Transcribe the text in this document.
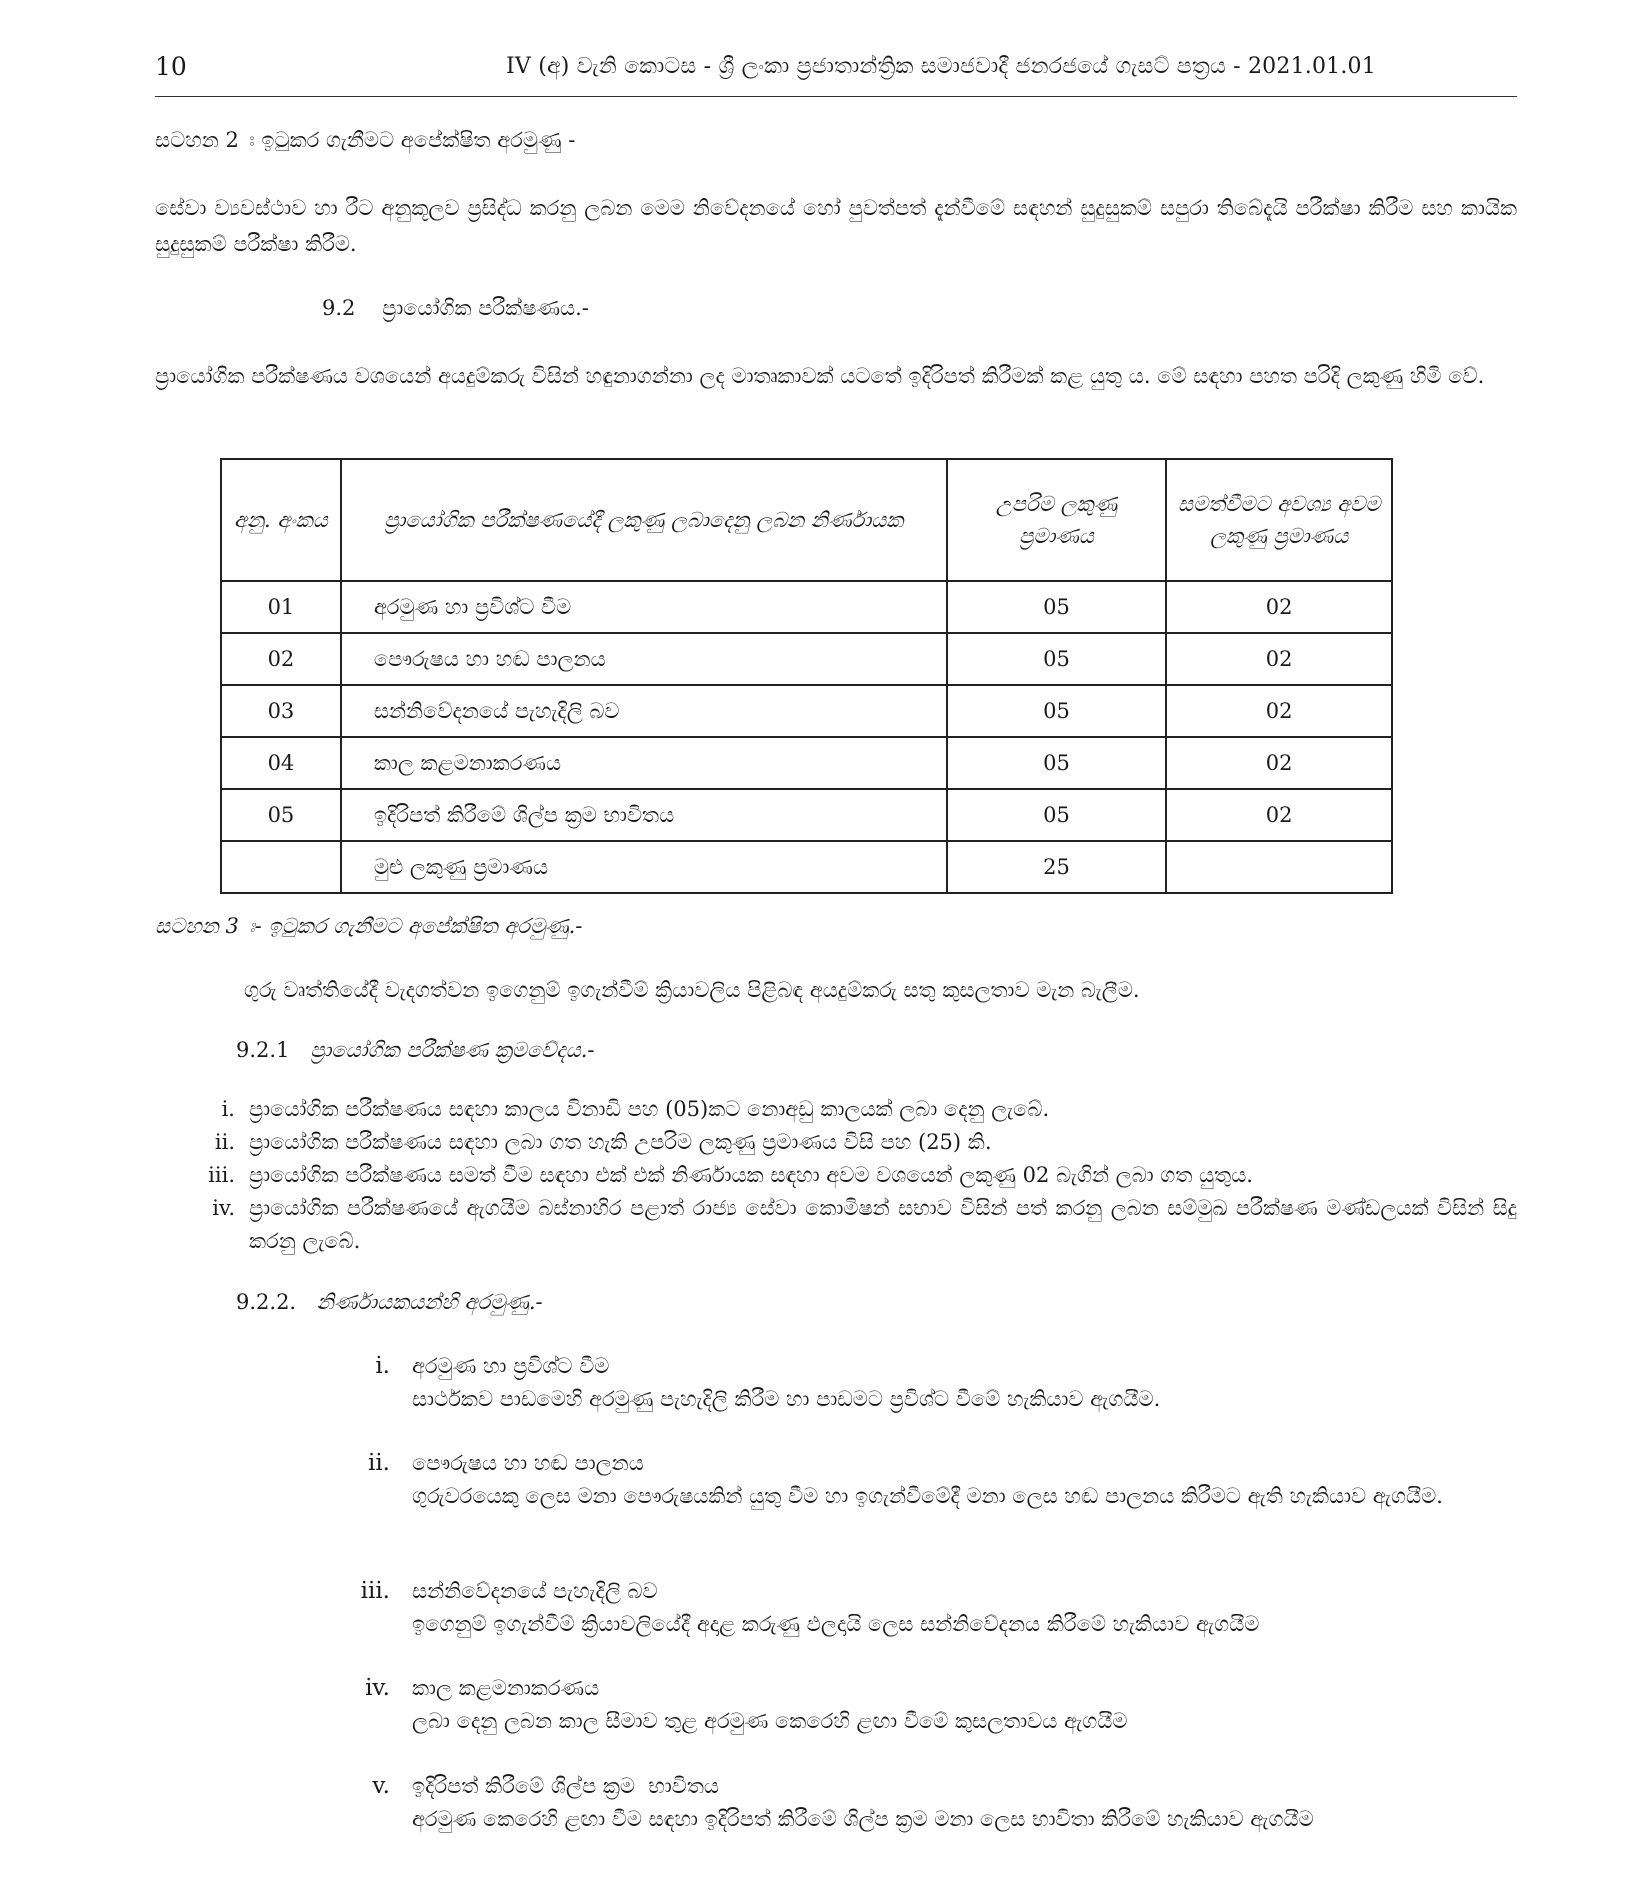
10	IV (අ) වැනි කොටස - ශ්‍රී ලංකා ප්‍රජාතාන්ත්‍රික සමාජවාදී ජනරජයේ ගැසට් පත්‍රය - 2021.01.01
සටහන 2 ඃ ඉටුකර ගැනීමට අපේක්ෂිත අරමුණු -
සේවා ව්‍යවස්ථාව හා රීට අනුකූලව ප්‍රසිද්ධ කරනු ලබන මෙම නිවේදනයේ හෝ පුවත්පත් දැන්වීමේ සඳහන් සුදුසුකම් සපුරා තිබේදැයි පරීක්ෂා කිරීම සහ කායික සුදුසුකම් පරීක්ෂා කිරීම.
9.2    ප්‍රායෝගික පරීක්ෂණය.-
ප්‍රායෝගික පරීක්ෂණය වශයෙන් අයදුම්කරු විසින් හඳුනාගන්නා ලද මාතෘකාවක් යටතේ ඉදිරිපත් කිරීමක් කළ යුතු ය. මේ සඳහා පහත පරිදි ලකුණු හිමි වේ.
අනු. අංකය	ප්‍රායෝගික පරීක්ෂණයේදී ලකුණු ලබාදෙනු ලබන නිර්ණායක	උපරිම ලකුණු ප්‍රමාණය	සමත්වීමට අවශ්‍ය අවම ලකුණු ප්‍රමාණය
01	අරමුණ හා ප්‍රවිශ්ට වීම	05	02
02	පෞරුෂය හා හඬ පාලනය	05	02
03	සන්නිවේදනයේ පැහැදිලි බව	05	02
04	කාල කළමනාකරණය	05	02
05	ඉදිරිපත් කිරීමේ ශිල්ප ක්‍රම භාවිතය	05	02
	මුළු ලකුණු ප්‍රමාණය	25	
සටහන 3 ඃ- ඉටුකර ගැනීමට අපේක්ෂිත අරමුණු.-
ගුරු වෘත්තියේදී වැදගත්වන ඉගෙනුම් ඉගැන්වීම් ක්‍රියාවලිය පිළිබඳ අයදුම්කරු සතු කුසලතාව මැන බැලීම.
9.2.1 ප්‍රායෝගික පරීක්ෂණ ක්‍රමවේදය.-
i. ප්‍රායෝගික පරීක්ෂණය සඳහා කාලය විනාඩි පහ (05)කට නොඅඩු කාලයක් ලබා දෙනු ලැබේ.
ii. ප්‍රායෝගික පරීක්ෂණය සඳහා ලබා ගත හැකි උපරිම ලකුණු ප්‍රමාණය විසි පහ (25) කි.
iii. ප්‍රායෝගික පරීක්ෂණය සමත් වීම සඳහා එක් එක් නිර්ණායක සඳහා අවම වශයෙන් ලකුණු 02 බැගින් ලබා ගත යුතුය.
iv. ප්‍රායෝගික පරීක්ෂණයේ ඇගයීම බස්නාහිර පළාත් රාජ්‍ය සේවා කොමිෂන් සභාව විසින් පත් කරනු ලබන සම්මුඛ පරීක්ෂණ මණ්ඩලයක් විසින් සිදු කරනු ලැබේ.
9.2.2. නිර්ණායකයන්හි අරමුණු.-
i. අරමුණ හා ප්‍රවිශ්ට වීම
සාර්ථකව පාඩමෙහි අරමුණු පැහැදිලි කිරීම හා පාඩමට ප්‍රවිශ්ට වීමේ හැකියාව ඇගයීම.
ii. පෞරුෂය හා හඬ පාලනය
ගුරුවරයෙකු ලෙස මනා පෞරුෂයකින් යුතු වීම හා ඉගැන්වීමේදී මනා ලෙස හඬ පාලනය කිරීමට ඇති හැකියාව ඇගයීම.
iii. සන්නිවේදනයේ පැහැදිලි බව
ඉගෙනුම් ඉගැන්වීම් ක්‍රියාවලියේදී අදාළ කරුණු ඵලදායි ලෙස සන්නිවේදනය කිරීමේ හැකියාව ඇගයීම
iv. කාල කළමනාකරණය
ලබා දෙනු ලබන කාල සීමාව තුළ අරමුණ කෙරෙහි ළඟා වීමේ කුසලතාවය ඇගයීම
v. ඉදිරිපත් කිරීමේ ශිල්ප ක්‍රම  භාවිතය
අරමුණ කෙරෙහි ළඟා වීම සඳහා ඉදිරිපත් කිරීමේ ශිල්ප ක්‍රම මනා ලෙස භාවිතා කිරීමේ හැකියාව ඇගයීම
